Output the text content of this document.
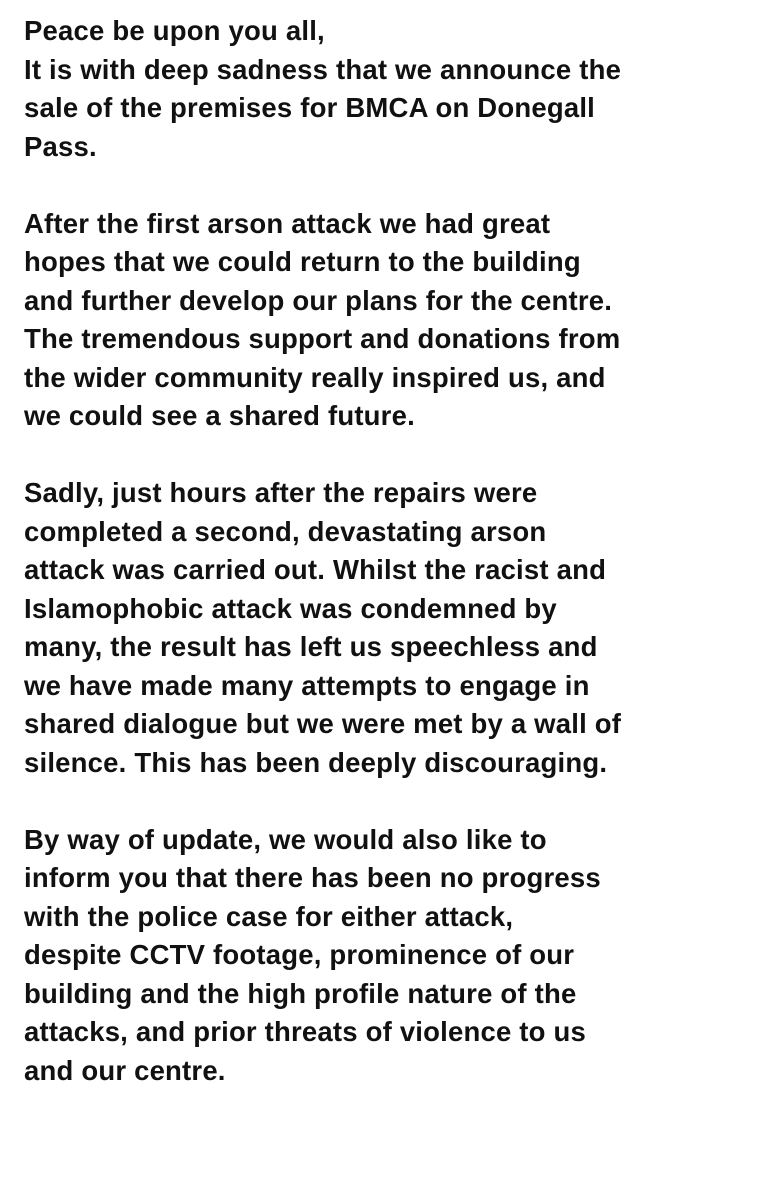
Peace be upon you all,
It is with deep sadness that we announce the
sale of the premises for BMCA on Donegall
Pass.
After the first arson attack we had great
hopes that we could return to the building
and further develop our plans for the centre.
The tremendous support and donations from
the wider community really inspired us, and
we could see a shared future.
Sadly, just hours after the repairs were
completed a second, devastating arson
attack was carried out. Whilst the racist and
Islamophobic attack was condemned by
many, the result has left us speechless and
we have made many attempts to engage in
shared dialogue but we were met by a wall of
silence. This has been deeply discouraging.
By way of update, we would also like to
inform you that there has been no progress
with the police case for either attack,
despite CCTV footage, prominence of our
building and the high profile nature of the
attacks, and prior threats of violence to us
and our centre.
